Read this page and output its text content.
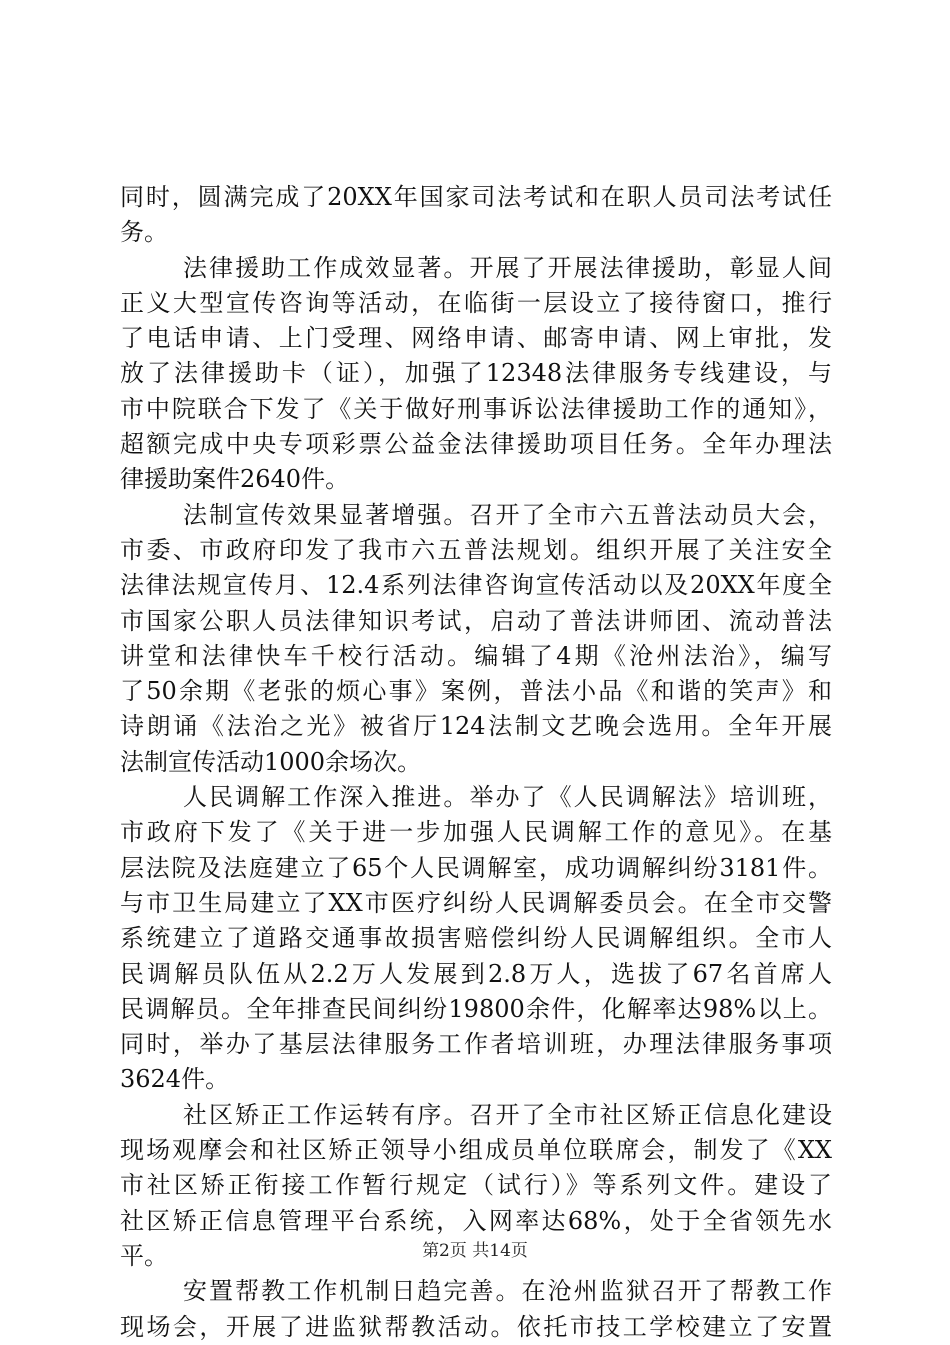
同时，圆满完成了20XX年国家司法考试和在职人员司法考试任
务。
法律援助工作成效显著。开展了开展法律援助，彰显人间
正义大型宣传咨询等活动，在临街一层设立了接待窗口，推行
了电话申请、上门受理、网络申请、邮寄申请、网上审批，发
放了法律援助卡（证），加强了12348法律服务专线建设，与
市中院联合下发了《关于做好刑事诉讼法律援助工作的通知》，
超额完成中央专项彩票公益金法律援助项目任务。全年办理法
律援助案件2640件。
法制宣传效果显著增强。召开了全市六五普法动员大会，
市委、市政府印发了我市六五普法规划。组织开展了关注安全
法律法规宣传月、12.4系列法律咨询宣传活动以及20XX年度全
市国家公职人员法律知识考试，启动了普法讲师团、流动普法
讲堂和法律快车千校行活动。编辑了4期《沧州法治》，编写
了50余期《老张的烦心事》案例，普法小品《和谐的笑声》和
诗朗诵《法治之光》被省厅124法制文艺晚会选用。全年开展
法制宣传活动1000余场次。
人民调解工作深入推进。举办了《人民调解法》培训班，
市政府下发了《关于进一步加强人民调解工作的意见》。在基
层法院及法庭建立了65个人民调解室，成功调解纠纷3181件。
与市卫生局建立了XX市医疗纠纷人民调解委员会。在全市交警
系统建立了道路交通事故损害赔偿纠纷人民调解组织。全市人
民调解员队伍从2.2万人发展到2.8万人，选拔了67名首席人
民调解员。全年排查民间纠纷19800余件，化解率达98%以上。
同时，举办了基层法律服务工作者培训班，办理法律服务事项
3624件。
社区矫正工作运转有序。召开了全市社区矫正信息化建设
现场观摩会和社区矫正领导小组成员单位联席会，制发了《XX
市社区矫正衔接工作暂行规定（试行）》等系列文件。建设了
社区矫正信息管理平台系统，入网率达68%，处于全省领先水
平。
安置帮教工作机制日趋完善。在沧州监狱召开了帮教工作
现场会，开展了进监狱帮教活动。依托市技工学校建立了安置
第2页 共14页
